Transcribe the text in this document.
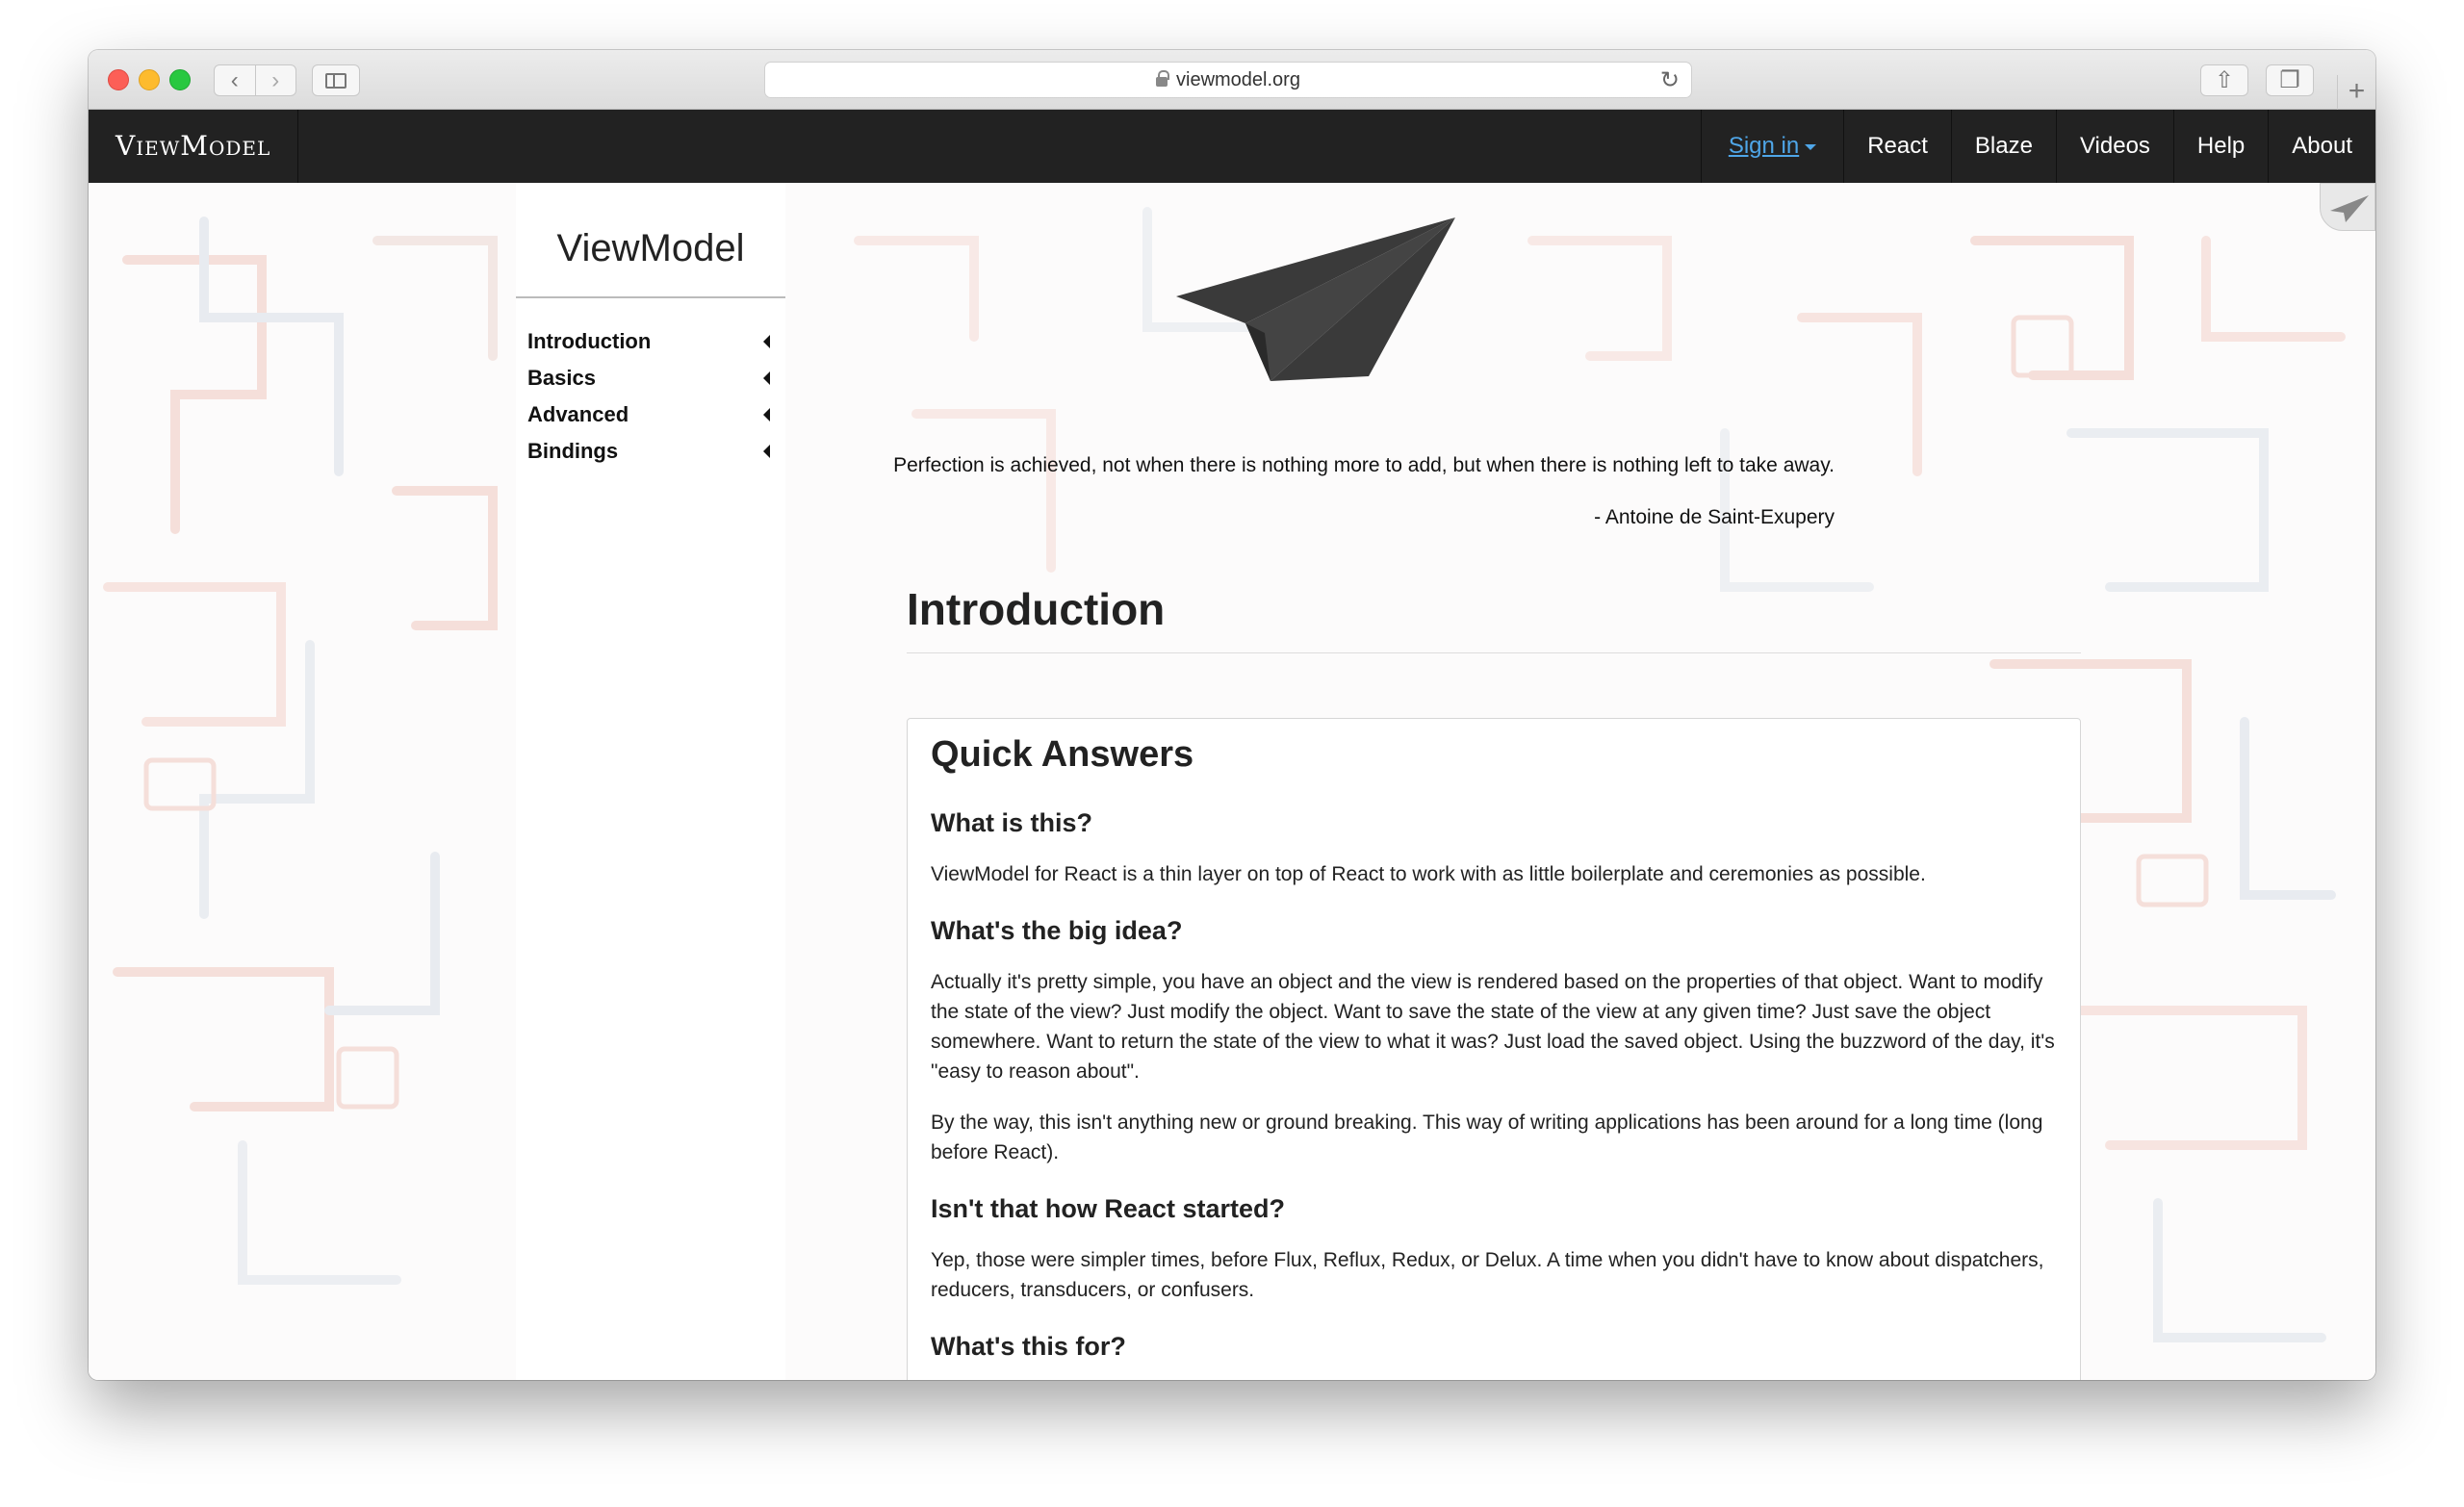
‹	›	viewmodel.org	↻	⇧ ❐	+
ViewModel	Sign in	React	Blaze	Videos	Help	About
ViewModel
Introduction
Basics
Advanced
Bindings
Perfection is achieved, not when there is nothing more to add, but when there is nothing left to take away.
- Antoine de Saint-Exupery
Introduction
Quick Answers
What is this?

ViewModel for React is a thin layer on top of React to work with as little boilerplate and ceremonies as possible.

What's the big idea?

Actually it's pretty simple, you have an object and the view is rendered based on the properties of that object. Want to modify the state of the view? Just modify the object. Want to save the state of the view at any given time? Just save the object somewhere. Want to return the state of the view to what it was? Just load the saved object. Using the buzzword of the day, it's "easy to reason about".

By the way, this isn't anything new or ground breaking. This way of writing applications has been around for a long time (long before React).

Isn't that how React started?

Yep, those were simpler times, before Flux, Reflux, Redux, or Delux. A time when you didn't have to know about dispatchers, reducers, transducers, or confusers.

What's this for?
